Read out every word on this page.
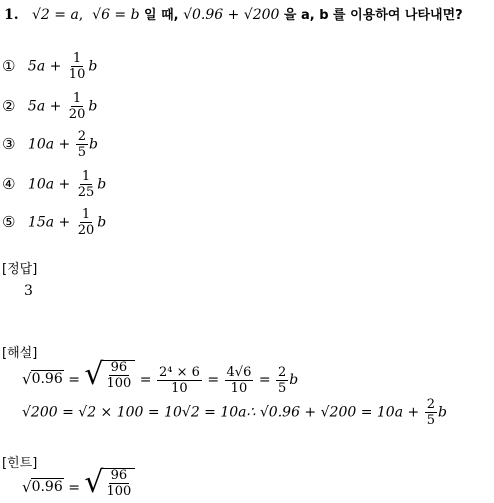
1. √2 = a,  √6 = b 일 때, √0.96 + √200 을 a, b 를 이용하여 나타내면?
① $5a + \frac{1}{10}$ b
② $5a + \frac{1}{20}$ b
③ $10a + \frac{2}{5}$ b
④ $10a + \frac{1}{25}$ b
⑤ $15a + \frac{1}{20}$ b
[정답]
3
[해설]
√ 0.96 = √ $\frac{96}{100} = \frac{\text{2⁴ × 6}}{10} = \frac{4√6}{10} = \frac{2}{5}$ b
√200 = √2 × 100 = 10√2 = 10a∴ $√0.96 + √200 = 10a + \frac{2}{5}$ b
[힌트]
√ 0.96 = √ $\frac{96}{100}$
